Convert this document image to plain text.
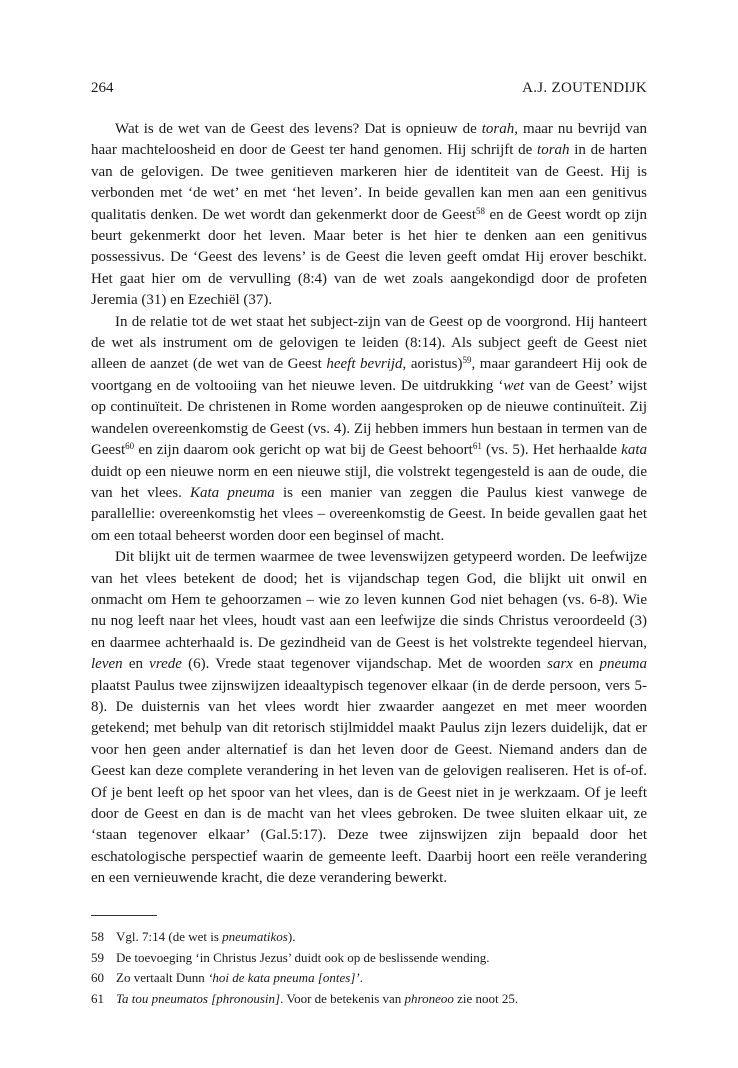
264	A.J. ZOUTENDIJK

Wat is de wet van de Geest des levens? Dat is opnieuw de torah, maar nu bevrijd van haar machteloosheid en door de Geest ter hand genomen. Hij schrijft de torah in de harten van de gelovigen. De twee genitieven markeren hier de identiteit van de Geest. Hij is verbonden met ‘de wet’ en met ‘het leven’. In beide gevallen kan men aan een genitivus qualitatis denken. De wet wordt dan gekenmerkt door de Geest$^{58}$ en de Geest wordt op zijn beurt gekenmerkt door het leven. Maar beter is het hier te denken aan een genitivus possessivus. De ‘Geest des levens’ is de Geest die leven geeft omdat Hij erover beschikt. Het gaat hier om de vervulling (8:4) van de wet zoals aangekondigd door de profeten Jeremia (31) en Ezechiël (37).

In de relatie tot de wet staat het subject-zijn van de Geest op de voorgrond. Hij hanteert de wet als instrument om de gelovigen te leiden (8:14). Als subject geeft de Geest niet alleen de aanzet (de wet van de Geest heeft bevrijd, aoristus)$^{59}$, maar garandeert Hij ook de voortgang en de voltooiing van het nieuwe leven. De uitdrukking ‘wet van de Geest’ wijst op continuïteit. De christenen in Rome worden aangesproken op de nieuwe continuïteit. Zij wandelen overeenkomstig de Geest (vs. 4). Zij hebben immers hun bestaan in termen van de Geest$^{60}$ en zijn daarom ook gericht op wat bij de Geest behoort$^{61}$ (vs. 5). Het herhaalde kata duidt op een nieuwe norm en een nieuwe stijl, die volstrekt tegengesteld is aan de oude, die van het vlees. Kata pneuma is een manier van zeggen die Paulus kiest vanwege de parallellie: overeenkomstig het vlees – overeenkomstig de Geest. In beide gevallen gaat het om een totaal beheerst worden door een beginsel of macht.

Dit blijkt uit de termen waarmee de twee levenswijzen getypeerd worden. De leefwijze van het vlees betekent de dood; het is vijandschap tegen God, die blijkt uit onwil en onmacht om Hem te gehoorzamen – wie zo leven kunnen God niet behagen (vs. 6-8). Wie nu nog leeft naar het vlees, houdt vast aan een leefwijze die sinds Christus veroordeeld (3) en daarmee achterhaald is. De gezindheid van de Geest is het volstrekte tegendeel hiervan, leven en vrede (6). Vrede staat tegenover vijandschap. Met de woorden sarx en pneuma plaatst Paulus twee zijnswijzen ideaaltypisch tegenover elkaar (in de derde persoon, vers 5-8). De duisternis van het vlees wordt hier zwaarder aangezet en met meer woorden getekend; met behulp van dit retorisch stijlmiddel maakt Paulus zijn lezers duidelijk, dat er voor hen geen ander alternatief is dan het leven door de Geest. Niemand anders dan de Geest kan deze complete verandering in het leven van de gelovigen realiseren. Het is of-of. Of je bent leeft op het spoor van het vlees, dan is de Geest niet in je werkzaam. Of je leeft door de Geest en dan is de macht van het vlees gebroken. De twee sluiten elkaar uit, ze ‘staan tegenover elkaar’ (Gal.5:17). Deze twee zijnswijzen zijn bepaald door het eschatologische perspectief waarin de gemeente leeft. Daarbij hoort een reële verandering en een vernieuwende kracht, die deze verandering bewerkt.

58 Vgl. 7:14 (de wet is pneumatikos).
59 De toevoeging ‘in Christus Jezus’ duidt ook op de beslissende wending.
60 Zo vertaalt Dunn ‘hoi de kata pneuma [ontes]’.
61 Ta tou pneumatos [phronousin]. Voor de betekenis van phroneoo zie noot 25.
